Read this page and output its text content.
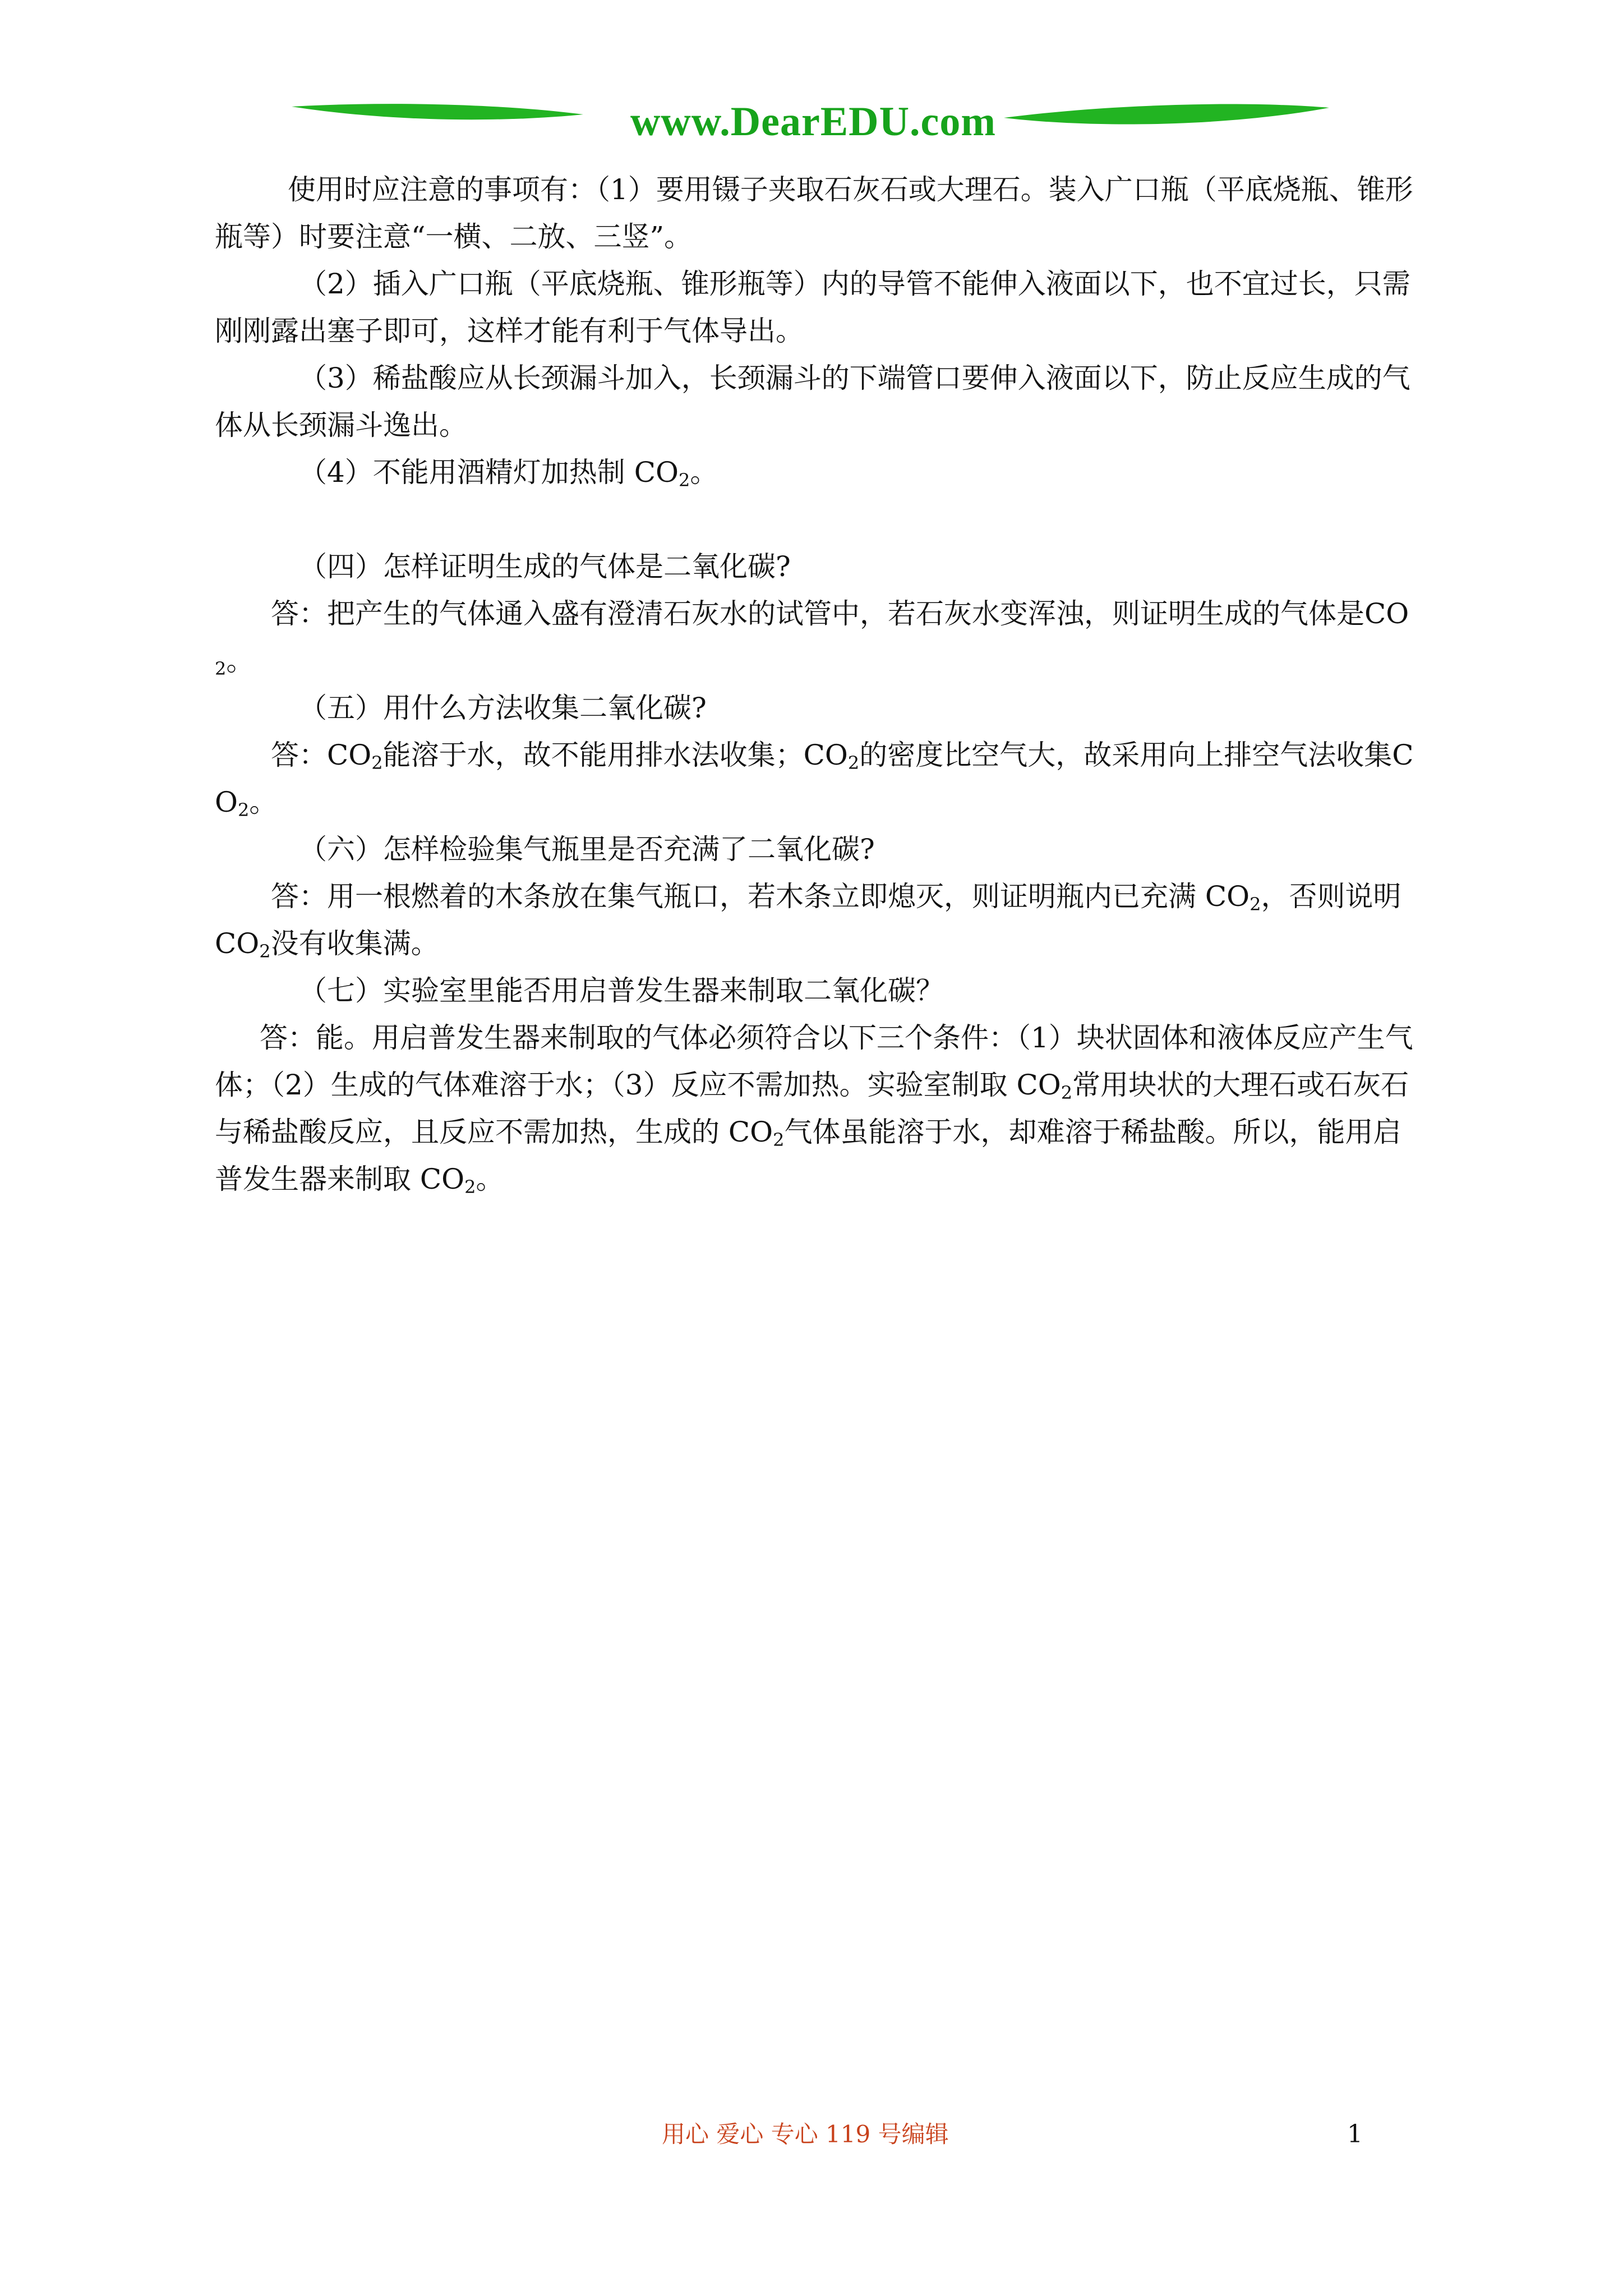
www.DearEDU.com

使用时应注意的事项有：（1）要用镊子夹取石灰石或大理石。装入广口瓶（平底烧瓶、锥形瓶等）时要注意“一横、二放、三竖”。

（2）插入广口瓶（平底烧瓶、锥形瓶等）内的导管不能伸入液面以下，也不宜过长，只需刚刚露出塞子即可，这样才能有利于气体导出。

（3）稀盐酸应从长颈漏斗加入，长颈漏斗的下端管口要伸入液面以下，防止反应生成的气体从长颈漏斗逸出。

（4）不能用酒精灯加热制 $CO_2$。

（四）怎样证明生成的气体是二氧化碳?

答：把产生的气体通入盛有澄清石灰水的试管中，若石灰水变浑浊，则证明生成的气体是$CO_2$。

（五）用什么方法收集二氧化碳?

答：$CO_2$能溶于水，故不能用排水法收集；$CO_2$的密度比空气大，故采用向上排空气法收集$CO_2$。

（六）怎样检验集气瓶里是否充满了二氧化碳?

答：用一根燃着的木条放在集气瓶口，若木条立即熄灭，则证明瓶内已充满 $CO_2$，否则说明$CO_2$没有收集满。

（七）实验室里能否用启普发生器来制取二氧化碳？

答：能。用启普发生器来制取的气体必须符合以下三个条件：（1）块状固体和液体反应产生气体；（2）生成的气体难溶于水；（3）反应不需加热。实验室制取 $CO_2$常用块状的大理石或石灰石与稀盐酸反应，且反应不需加热，生成的 $CO_2$气体虽能溶于水，却难溶于稀盐酸。所以，能用启普发生器来制取 $CO_2$。

用心 爱心 专心 119 号编辑	1
